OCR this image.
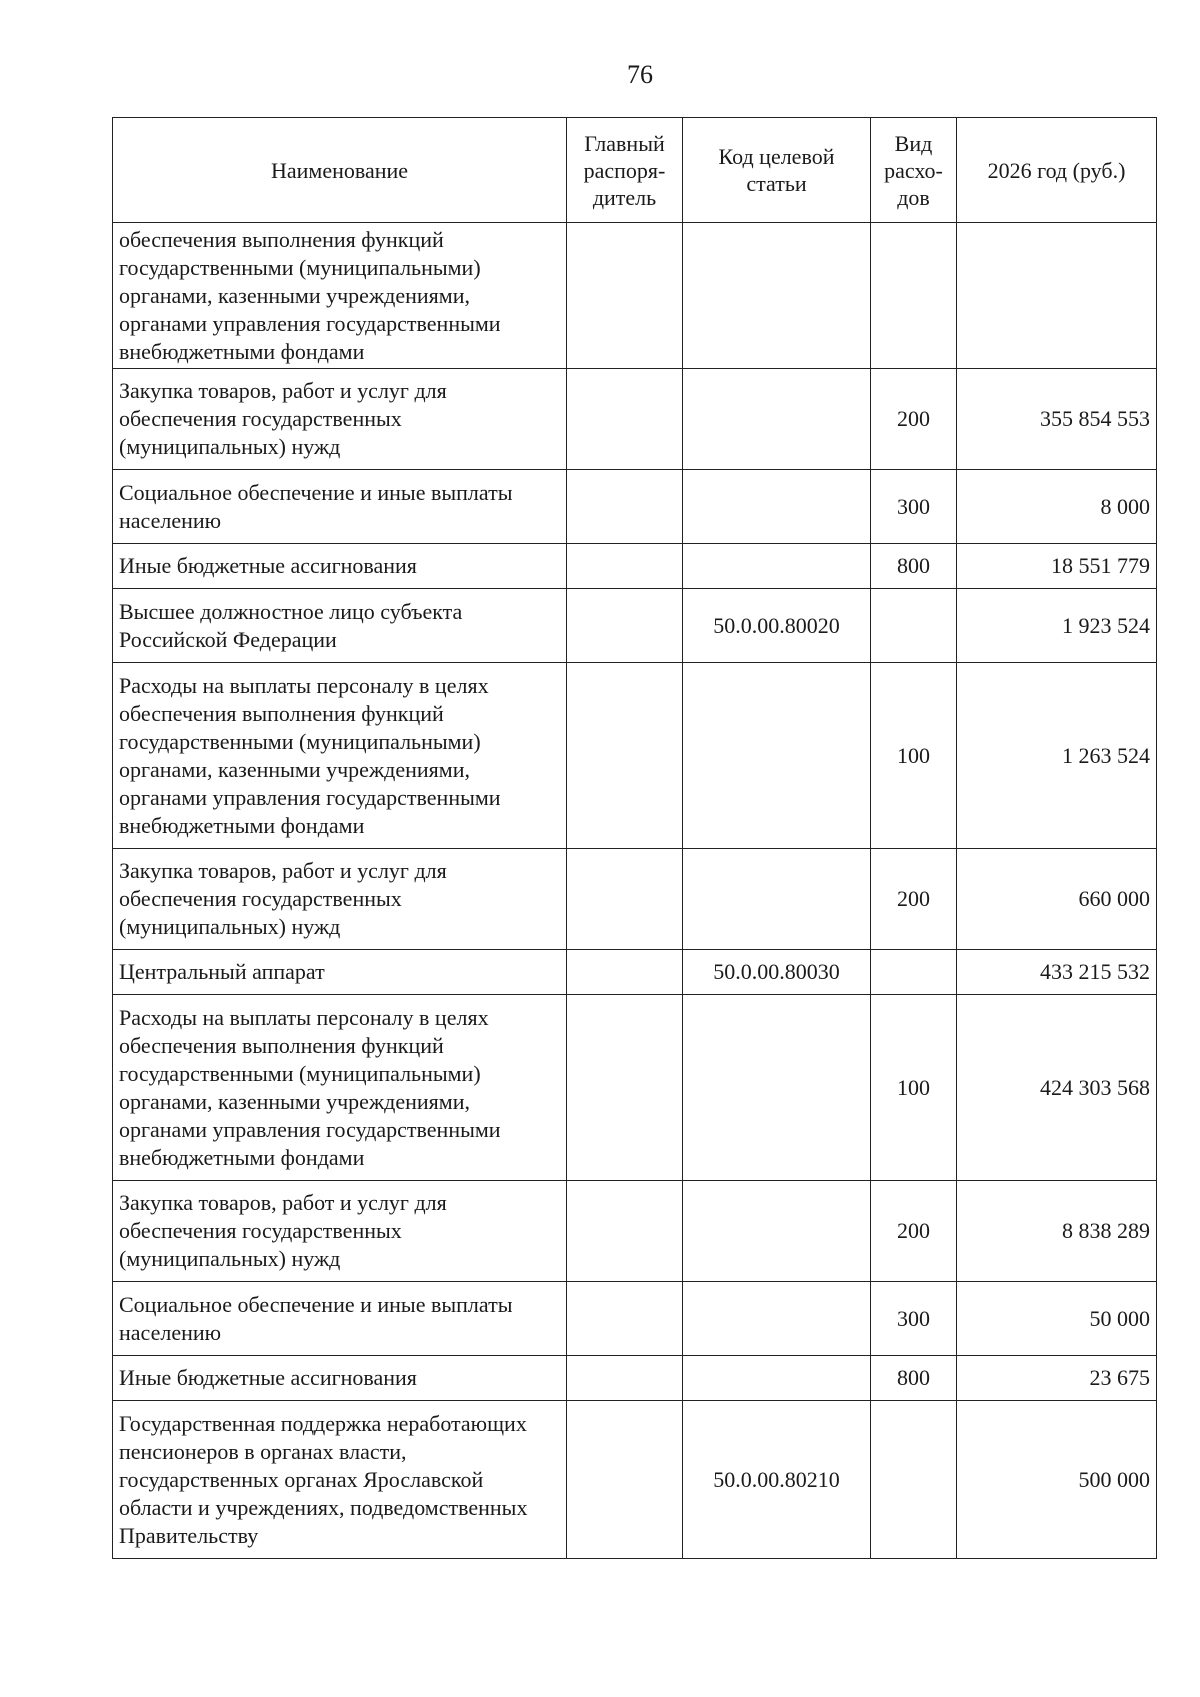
76
Наименование	Главный распоря-дитель	Код целевой статьи	Вид расхо-дов	2026 год (руб.)
обеспечения выполнения функций государственными (муниципальными) органами, казенными учреждениями, органами управления государственными внебюджетными фондами				
Закупка товаров, работ и услуг для обеспечения государственных (муниципальных) нужд			200	355 854 553
Социальное обеспечение и иные выплаты населению			300	8 000
Иные бюджетные ассигнования			800	18 551 779
Высшее должностное лицо субъекта Российской Федерации		50.0.00.80020		1 923 524
Расходы на выплаты персоналу в целях обеспечения выполнения функций государственными (муниципальными) органами, казенными учреждениями, органами управления государственными внебюджетными фондами			100	1 263 524
Закупка товаров, работ и услуг для обеспечения государственных (муниципальных) нужд			200	660 000
Центральный аппарат		50.0.00.80030		433 215 532
Расходы на выплаты персоналу в целях обеспечения выполнения функций государственными (муниципальными) органами, казенными учреждениями, органами управления государственными внебюджетными фондами			100	424 303 568
Закупка товаров, работ и услуг для обеспечения государственных (муниципальных) нужд			200	8 838 289
Социальное обеспечение и иные выплаты населению			300	50 000
Иные бюджетные ассигнования			800	23 675
Государственная поддержка неработающих пенсионеров в органах власти, государственных органах Ярославской области и учреждениях, подведомственных Правительству		50.0.00.80210		500 000
